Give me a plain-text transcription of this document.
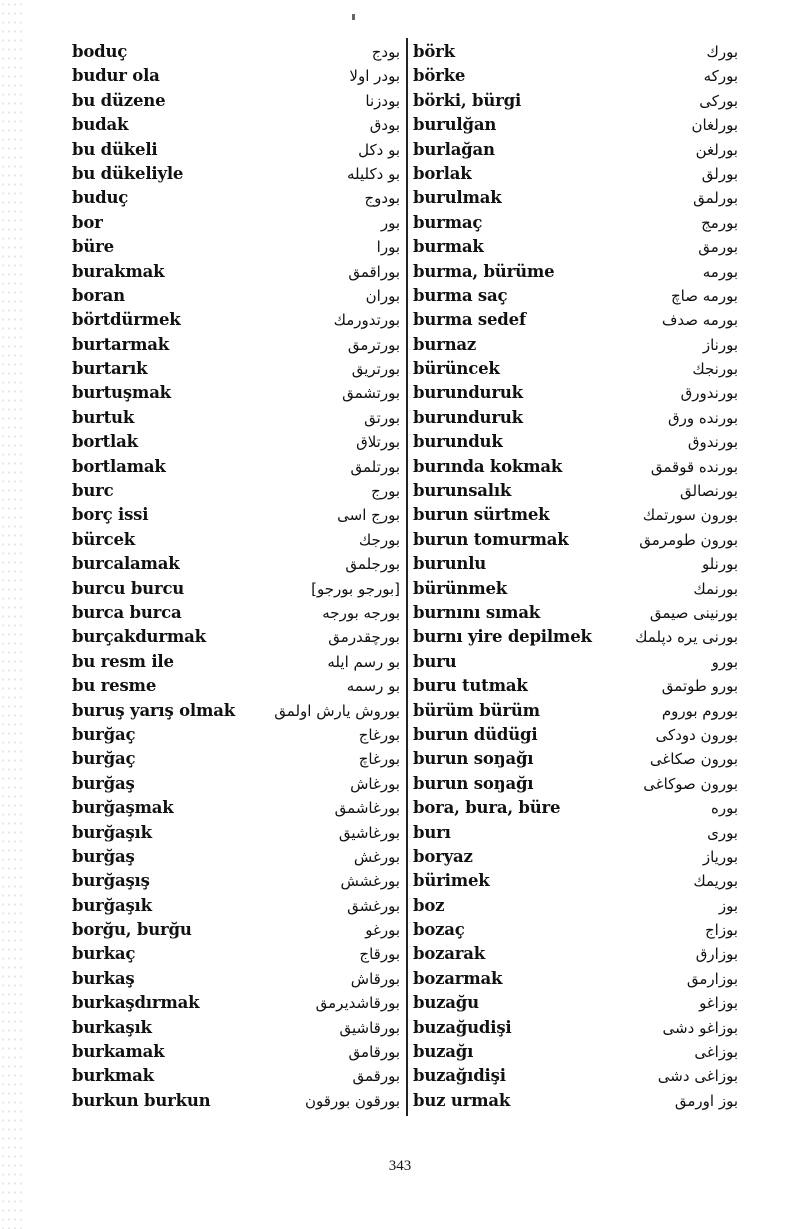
boduç	بودج
budur ola	بودر اولا
bu düzene	بودزنا
budak	بودق
bu dükeli	بو دكل
bu dükeliyle	بو دكليله
buduç	بودوج
bor	بور
büre	بورا
burakmak	بوراقمق
boran	بوران
börtdürmek	بورتدورمك
burtarmak	بورترمق
burtarık	بورتريق
burtuşmak	بورتشمق
burtuk	بورتق
bortlak	بورتلاق
bortlamak	بورتلمق
burc	بورج
borç issi	بورج اسى
bürcek	بورجك
burcalamak	بورجلمق
burcu burcu	[بورجو بورجو]
burca burca	بورجه بورجه
burçakdurmak	بورچقدرمق
bu resm ile	بو رسم ايله
bu resme	بو رسمه
buruş yarış olmak	بوروش يارش اولمق
burğaç	بورغاج
burğaç	بورغاچ
burğaş	بورغاش
burğaşmak	بورغاشمق
burğaşık	بورغاشيق
burğaş	بورغش
burğaşış	بورغشش
burğaşık	بورغشق
borğu, burğu	بورغو
burkaç	بورقاج
burkaş	بورقاش
burkaşdırmak	بورقاشديرمق
burkaşık	بورقاشيق
burkamak	بورقامق
burkmak	بورقمق
burkun burkun	بورقون بورقون
börk	بورك
börke	بوركه
börki, bürgi	بوركى
burulğan	بورلغان
burlağan	بورلغن
borlak	بورلق
burulmak	بورلمق
burmaç	بورمج
burmak	بورمق
burma, bürüme	بورمه
burma saç	بورمه صاچ
burma sedef	بورمه صدف
burnaz	بورناز
bürüncek	بورنجك
burunduruk	بورندورق
burunduruk	بورنده ورق
burunduk	بورندوق
burında kokmak	بورنده قوقمق
burunsalık	بورنصالق
burun sürtmek	بورون سورتمك
burun tomurmak	بورون طومرمق
burunlu	بورنلو
bürünmek	بورنمك
burnını sımak	بورنينى صيمق
burnı yire depilmek	بورنى يره دپلمك
buru	بورو
buru tutmak	بورو طوتمق
bürüm bürüm	بوروم بوروم
burun düdügi	بورون دودكى
burun soŋağı	بورون صكاغى
burun soŋağı	بورون صوكاغى
bora, bura, büre	بوره
burı	بورى
boryaz	بورياز
bürimek	بوريمك
boz	بوز
bozaç	بوزاج
bozarak	بوزارق
bozarmak	بوزارمق
buzağu	بوزاغو
buzağudişi	بوزاغو دشى
buzağı	بوزاغى
buzağıdişi	بوزاغى دشى
buz urmak	بوز اورمق
343
